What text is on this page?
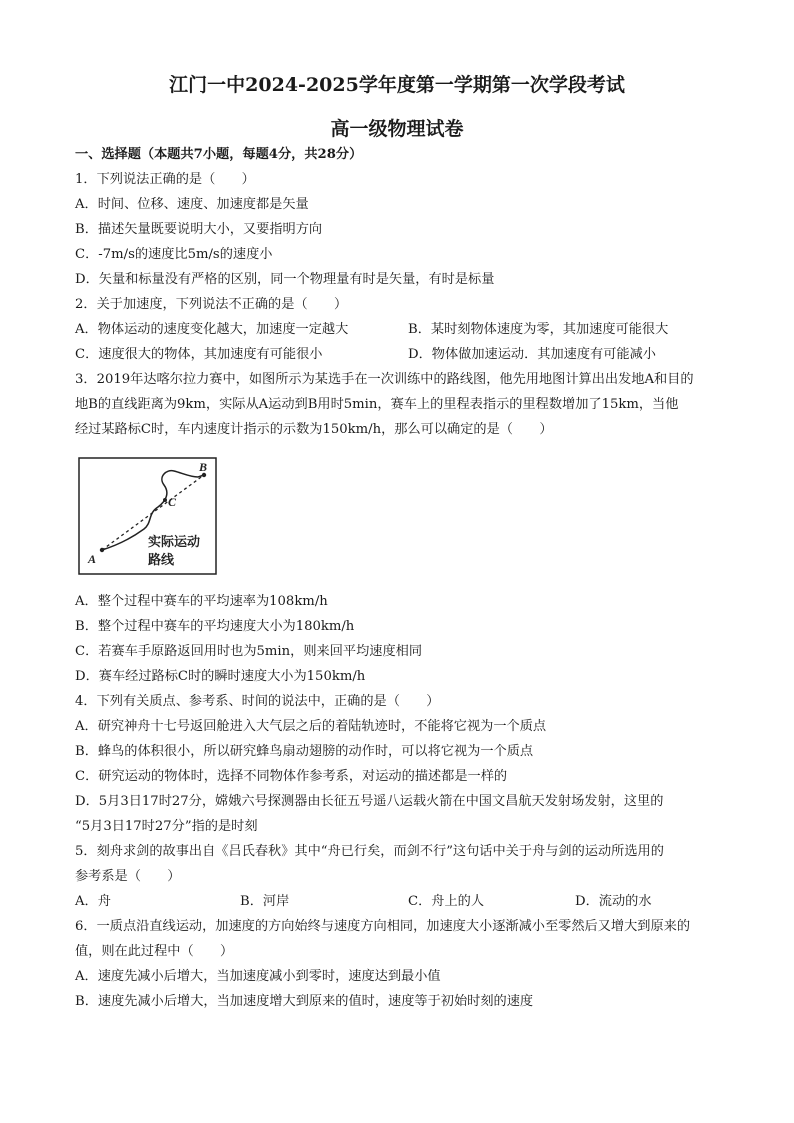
江门一中2024-2025学年度第一学期第一次学段考试
高一级物理试卷
一、选择题（本题共7小题，每题4分，共28分）
1．下列说法正确的是（　　）
A．时间、位移、速度、加速度都是矢量
B．描述矢量既要说明大小，又要指明方向
C．-7m/s的速度比5m/s的速度小
D．矢量和标量没有严格的区别，同一个物理量有时是矢量，有时是标量
2．关于加速度，下列说法不正确的是（　　）
A．物体运动的速度变化越大，加速度一定越大	B．某时刻物体速度为零，其加速度可能很大
C．速度很大的物体，其加速度有可能很小	D．物体做加速运动．其加速度有可能减小
3．2019年达喀尔拉力赛中，如图所示为某选手在一次训练中的路线图，他先用地图计算出出发地A和目的
地B的直线距离为9km，实际从A运动到B用时5min，赛车上的里程表指示的里程数增加了15km，当他
经过某路标C时，车内速度计指示的示数为150km/h，那么可以确定的是（　　）
A
B
C
实际运动
路线
A．整个过程中赛车的平均速率为108km/h
B．整个过程中赛车的平均速度大小为180km/h
C．若赛车手原路返回用时也为5min，则来回平均速度相同
D．赛车经过路标C时的瞬时速度大小为150km/h
4．下列有关质点、参考系、时间的说法中，正确的是（　　）
A．研究神舟十七号返回舱进入大气层之后的着陆轨迹时，不能将它视为一个质点
B．蜂鸟的体积很小，所以研究蜂鸟扇动翅膀的动作时，可以将它视为一个质点
C．研究运动的物体时，选择不同物体作参考系，对运动的描述都是一样的
D．5月3日17时27分，嫦娥六号探测器由长征五号遥八运载火箭在中国文昌航天发射场发射，这里的
“5月3日17时27分”指的是时刻
5．刻舟求剑的故事出自《吕氏春秋》其中“舟已行矣，而剑不行”这句话中关于舟与剑的运动所选用的
参考系是（　　）
A．舟	B．河岸	C．舟上的人	D．流动的水
6．一质点沿直线运动，加速度的方向始终与速度方向相同，加速度大小逐渐减小至零然后又增大到原来的
值，则在此过程中（　　）
A．速度先减小后增大，当加速度减小到零时，速度达到最小值
B．速度先减小后增大，当加速度增大到原来的值时，速度等于初始时刻的速度
